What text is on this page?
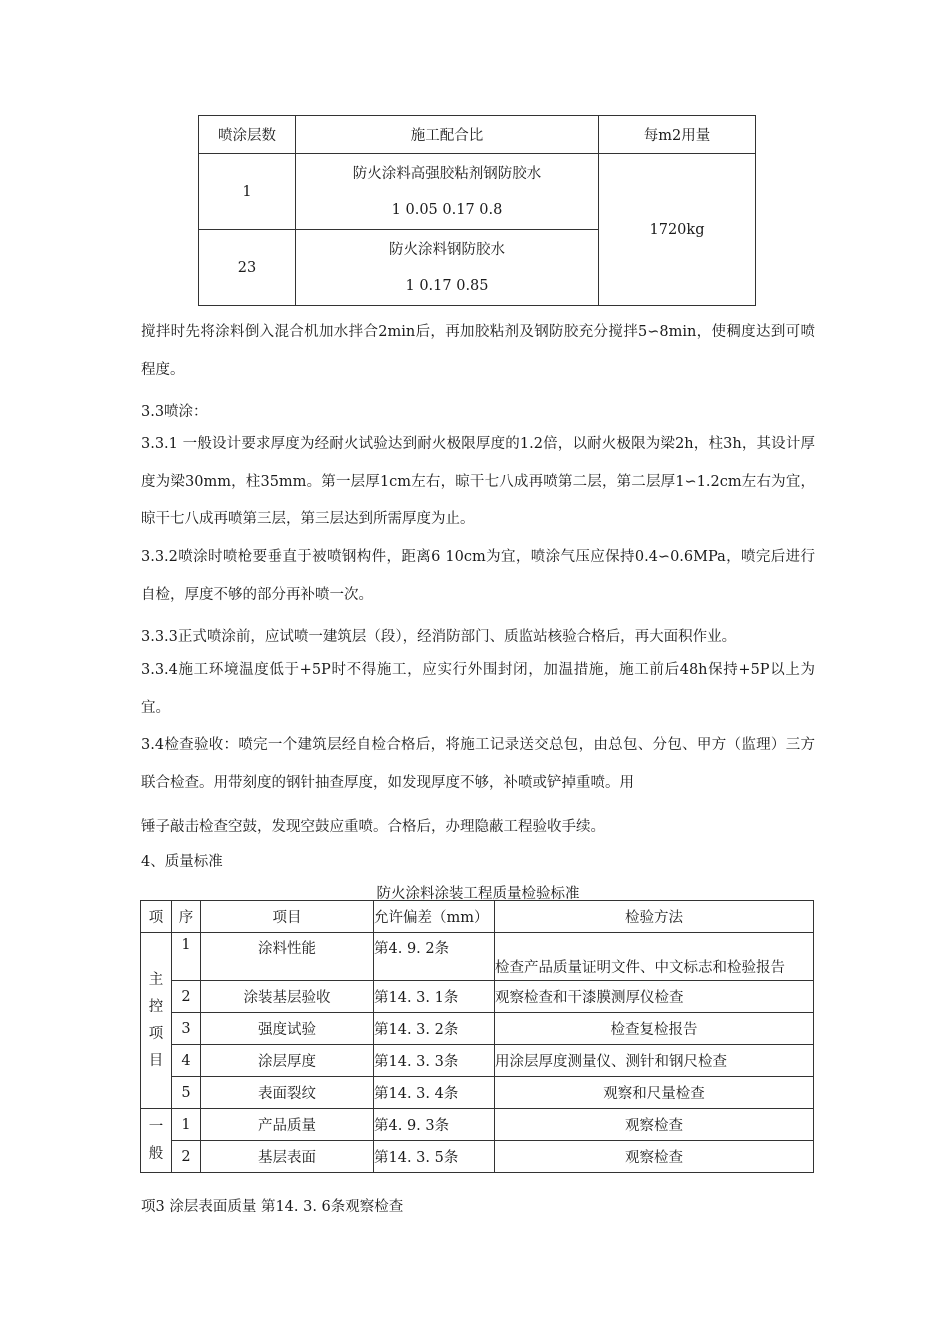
喷涂层数	施工配合比	每m2用量
1	防火涂料高强胶粘剂钢防胶水
1 0.05 0.17 0.8	1720kg
23	防火涂料钢防胶水
1 0.17 0.85	
搅拌时先将涂料倒入混合机加水拌合2min后，再加胶粘剂及钢防胶充分搅拌5∽8min，使稠度达到可喷程度。
3.3喷涂：
3.3.1 一般设计要求厚度为经耐火试验达到耐火极限厚度的1.2倍，以耐火极限为梁2h，柱3h，其设计厚度为梁30mm，柱35mm。第一层厚1cm左右，晾干七八成再喷第二层，第二层厚1∽1.2cm左右为宜，晾干七八成再喷第三层，第三层达到所需厚度为止。
3.3.2喷涂时喷枪要垂直于被喷钢构件，距离6 10cm为宜，喷涂气压应保持0.4∽0.6MPa，喷完后进行自检，厚度不够的部分再补喷一次。
3.3.3正式喷涂前，应试喷一建筑层（段），经消防部门、质监站核验合格后，再大面积作业。
3.3.4施工环境温度低于+5P时不得施工，应实行外围封闭，加温措施，施工前后48h保持+5P以上为宜。
3.4检查验收：喷完一个建筑层经自检合格后，将施工记录送交总包，由总包、分包、甲方（监理）三方联合检查。用带刻度的钢针抽查厚度，如发现厚度不够，补喷或铲掉重喷。用
锤子敲击检查空鼓，发现空鼓应重喷。合格后，办理隐蔽工程验收手续。
4、质量标准
防火涂料涂装工程质量检验标准
项	序	项目	允许偏差（mm）	检验方法

主控项目	1	涂料性能	第4. 9. 2条	检查产品质量证明文件、中文标志和检验报告
	2	涂装基层验收	第14. 3. 1条	观察检查和干漆膜测厚仪检查
	3	强度试验	第14. 3. 2条	检查复检报告
	4	涂层厚度	第14. 3. 3条	用涂层厚度测量仪、测针和钢尺检查
	5	表面裂纹	第14. 3. 4条	观察和尺量检查

一般	1	产品质量	第4. 9. 3条	观察检查
	2	基层表面	第14. 3. 5条	观察检查
项3 涂层表面质量 第14. 3. 6条观察检查
